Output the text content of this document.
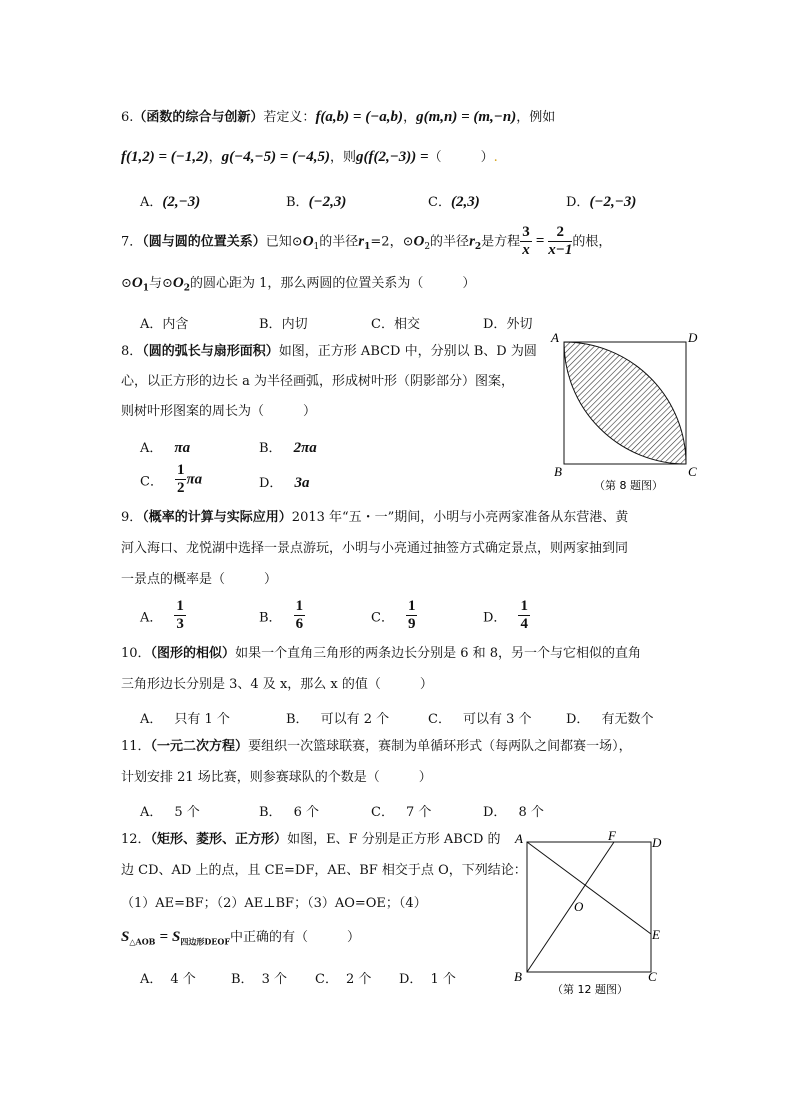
6.（函数的综合与创新）若定义：f(a,b) = (−a,b)，g(m,n) = (m,−n)，例如
f(1,2) = (−1,2)，g(−4,−5) = (−4,5)，则g(f(2,−3)) =（　　　）.
A．(2,−3)	B．(−2,3)	C．(2,3)	D．(−2,−3)
7．（圆与圆的位置关系）已知$⊙O_1$的半径$r_1=2$，$⊙O_2$的半径$r_2$是方程 $\frac{3}{x} = \frac{2}{x-1}$ 的根，
$⊙O_1$与$⊙O_2$的圆心距为 1，那么两圆的位置关系为（　　　）
A．内含	B．内切	C．相交	D．外切
8．（圆的弧长与扇形面积）如图，正方形 ABCD 中，分别以 B、D 为圆
心，以正方形的边长 a 为半径画弧，形成树叶形（阴影部分）图案，
则树叶形图案的周长为（　　　）
A． πa	B． 2πa
C． $\frac{1}{2}$ πa	D． 3a
A	D
B	C
（第 8 题图）
9．（概率的计算与实际应用）2013 年“五・一”期间，小明与小亮两家准备从东营港、黄
河入海口、龙悦湖中选择一景点游玩，小明与小亮通过抽签方式确定景点，则两家抽到同
一景点的概率是（　　　）
A． $\frac{1}{3}$	B． $\frac{1}{6}$	C． $\frac{1}{9}$	D． $\frac{1}{4}$
10．（图形的相似）如果一个直角三角形的两条边长分别是 6 和 8，另一个与它相似的直角
三角形边长分别是 3、4 及 x，那么 x 的值（　　　）
A． 只有 1 个	B． 可以有 2 个	C． 可以有 3 个	D． 有无数个
11．（一元二次方程）要组织一次篮球联赛，赛制为单循环形式（每两队之间都赛一场），
计划安排 21 场比赛，则参赛球队的个数是（　　　）
A． 5 个	B． 6 个	C． 7 个	D． 8 个
12．（矩形、菱形、正方形）如图，E、F 分别是正方形 ABCD 的
边 CD、AD 上的点，且 CE=DF，AE、BF 相交于点 O，下列结论：
（1）AE=BF；（2）AE⊥BF；（3）AO=OE；（4）
$S_{\triangle AOB} = S_{四边形DEOF}$中正确的有（　　　）
A． 4 个	B． 3 个 C． 2 个 D． 1 个
A	F	D
O
E
B	C
（第 12 题图）
